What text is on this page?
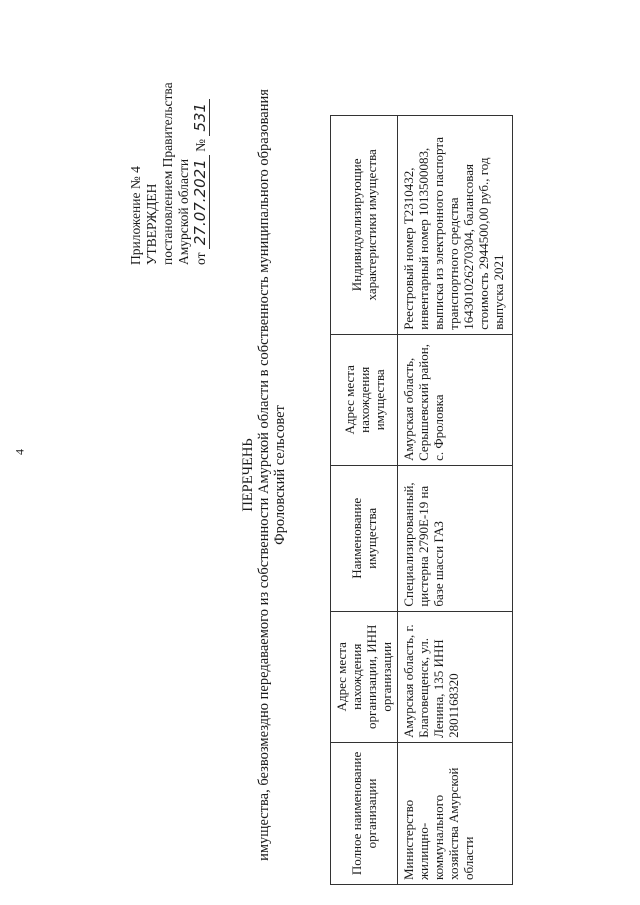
4
Приложение № 4 УТВЕРЖДЕН постановлением Правительства Амурской области от 27.07.2021 № 531
ПЕРЕЧЕНЬ имущества, безвозмездно передаваемого из собственности Амурской области в собственность муниципального образования Фроловский сельсовет
Полное наименование организации	Адрес места нахождения организации, ИНН организации	Наименование имущества	Адрес места нахождения имущества	Индивидуализирующие характеристики имущества
Министерство жилищно-коммунального хозяйства Амурской области	Амурская область, г. Благовещенск, ул. Ленина, 135 ИНН 2801168320	Специализированный, цистерна 2790E-19 на базе шасси ГАЗ	Амурская область, Серышевский район, с. Фроловка	Реестровый номер Т2310432, инвентарный номер 1013500083, выписка из электронного паспорта транспортного средства 164301026270304, балансовая стоимость 2944500,00 руб., год выпуска 2021
